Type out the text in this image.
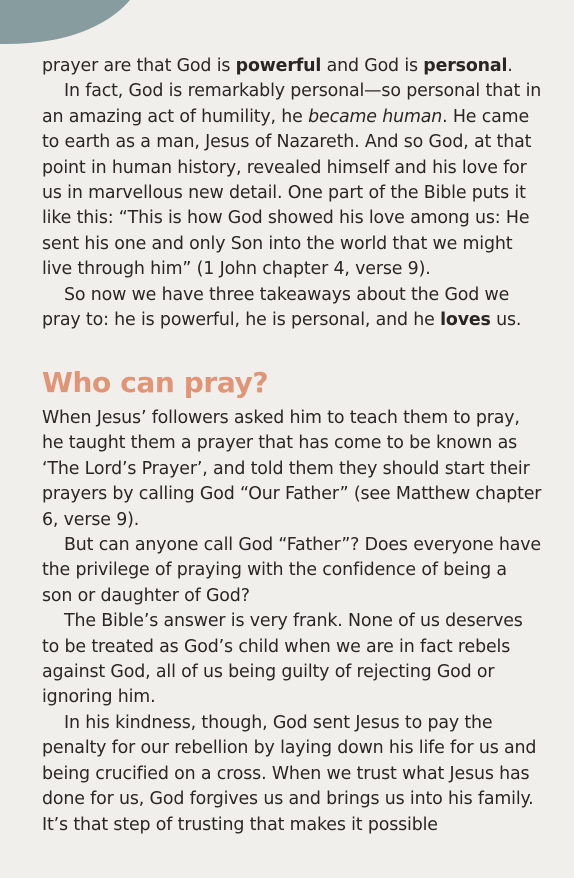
prayer are that God is powerful and God is personal.

In fact, God is remarkably personal—so personal that in an amazing act of humility, he became human. He came to earth as a man, Jesus of Nazareth. And so God, at that point in human history, revealed himself and his love for us in marvellous new detail. One part of the Bible puts it like this: “This is how God showed his love among us: He sent his one and only Son into the world that we might live through him” (1 John chapter 4, verse 9).

So now we have three takeaways about the God we pray to: he is powerful, he is personal, and he loves us.

Who can pray?

When Jesus’ followers asked him to teach them to pray, he taught them a prayer that has come to be known as ‘The Lord’s Prayer’, and told them they should start their prayers by calling God “Our Father” (see Matthew chapter 6, verse 9).

But can anyone call God “Father”? Does everyone have the privilege of praying with the confidence of being a son or daughter of God?

The Bible’s answer is very frank. None of us deserves to be treated as God’s child when we are in fact rebels against God, all of us being guilty of rejecting God or ignoring him.

In his kindness, though, God sent Jesus to pay the penalty for our rebellion by laying down his life for us and being crucified on a cross. When we trust what Jesus has done for us, God forgives us and brings us into his family. It’s that step of trusting that makes it possible
